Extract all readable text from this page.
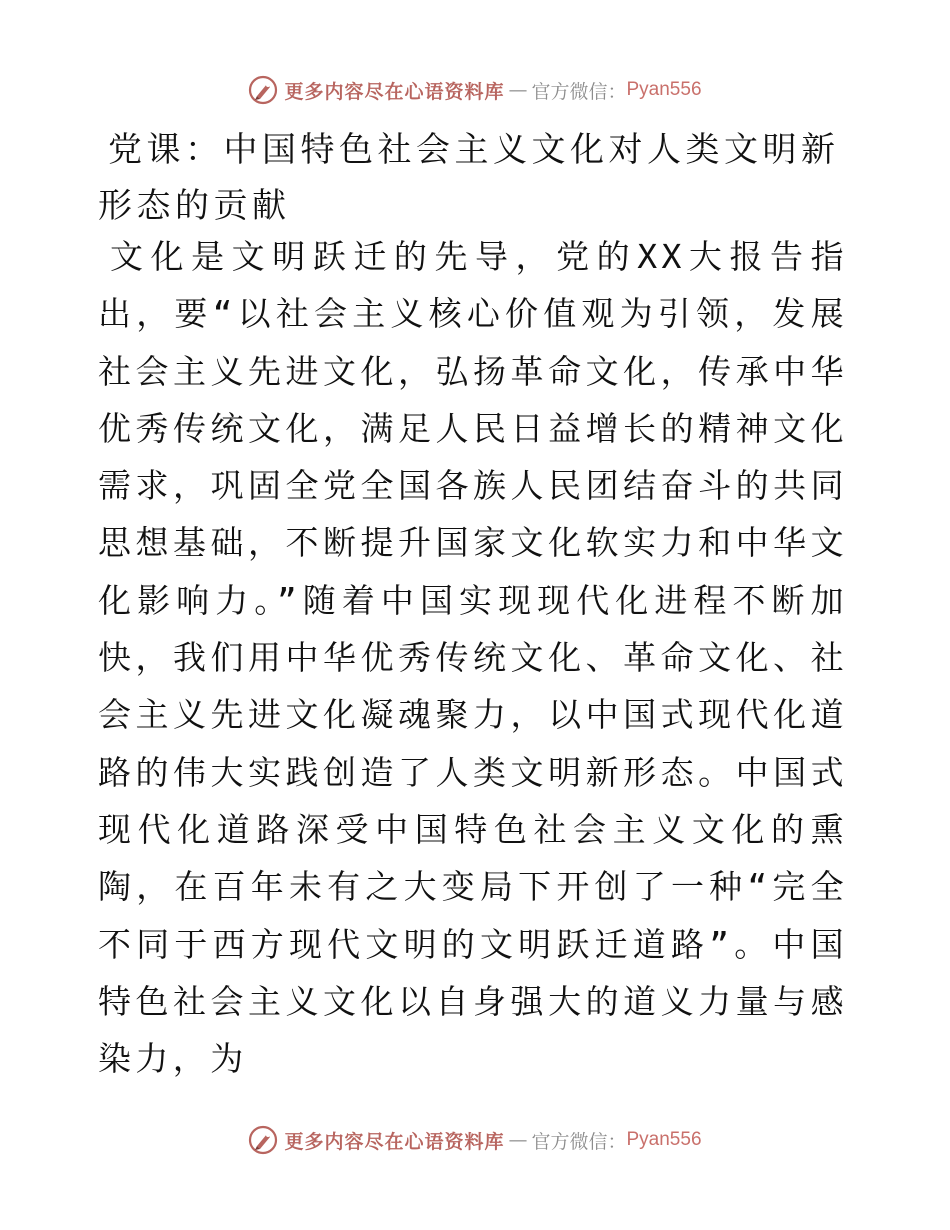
更多内容尽在心语资料库 — 官方微信： Pyan556
党课：中国特色社会主义文化对人类文明新形态的贡献

文化是文明跃迁的先导，党的XX大报告指出，要“以社会主义核心价值观为引领，发展社会主义先进文化，弘扬革命文化，传承中华优秀传统文化，满足人民日益增长的精神文化需求，巩固全党全国各族人民团结奋斗的共同思想基础，不断提升国家文化软实力和中华文化影响力。”随着中国实现现代化进程不断加快，我们用中华优秀传统文化、革命文化、社会主义先进文化凝魂聚力，以中国式现代化道路的伟大实践创造了人类文明新形态。中国式现代化道路深受中国特色社会主义文化的熏陶，在百年未有之大变局下开创了一种“完全不同于西方现代文明的文明跃迁道路”。中国特色社会主义文化以自身强大的道义力量与感染力，为

更多内容尽在心语资料库 — 官方微信： Pyan556
